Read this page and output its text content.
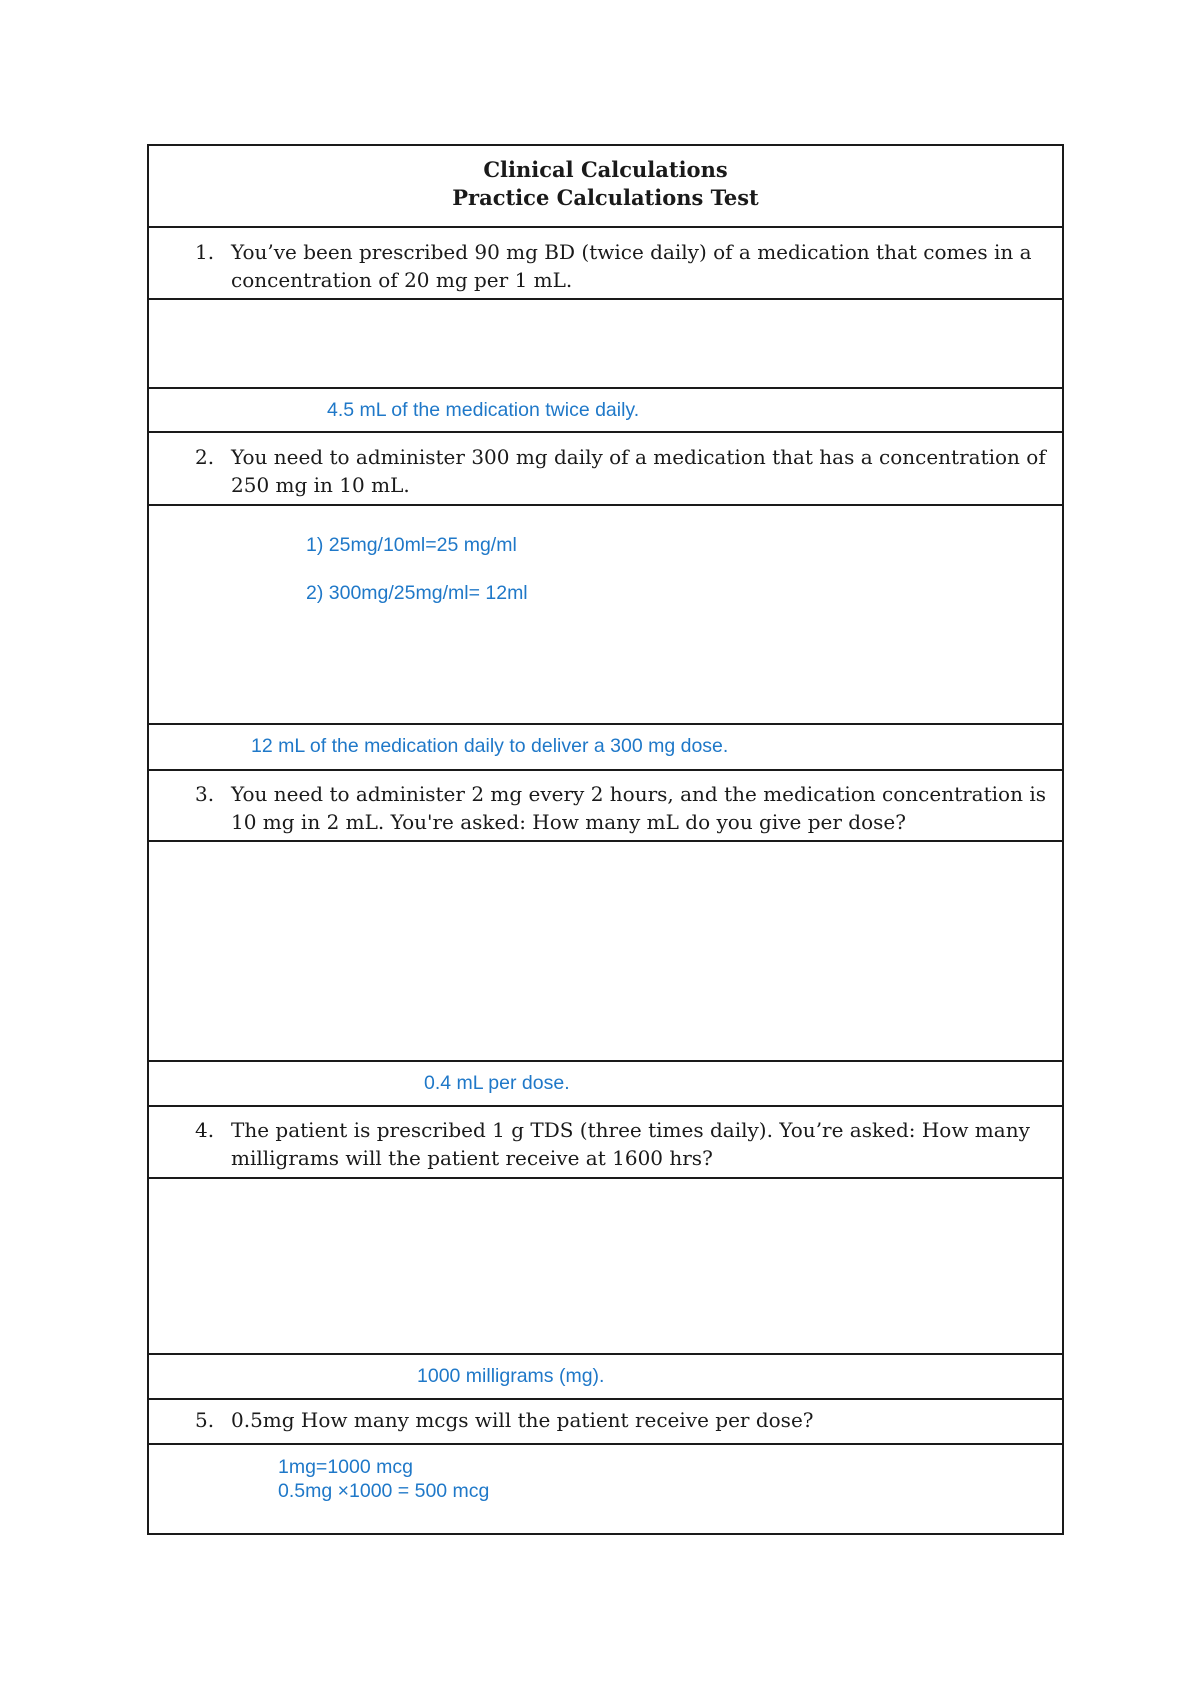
Clinical Calculations
Practice Calculations Test
1. You’ve been prescribed 90 mg BD (twice daily) of a medication that comes in a concentration of 20 mg per 1 mL.
4.5 mL of the medication twice daily.
2. You need to administer 300 mg daily of a medication that has a concentration of 250 mg in 10 mL.
1) 25mg/10ml=25 mg/ml
2) 300mg/25mg/ml= 12ml
12 mL of the medication daily to deliver a 300 mg dose.
3. You need to administer 2 mg every 2 hours, and the medication concentration is 10 mg in 2 mL. You're asked: How many mL do you give per dose?
0.4 mL per dose.
4. The patient is prescribed 1 g TDS (three times daily). You’re asked: How many milligrams will the patient receive at 1600 hrs?
1000 milligrams (mg).
5. 0.5mg How many mcgs will the patient receive per dose?
1mg=1000 mcg
0.5mg ×1000 = 500 mcg
